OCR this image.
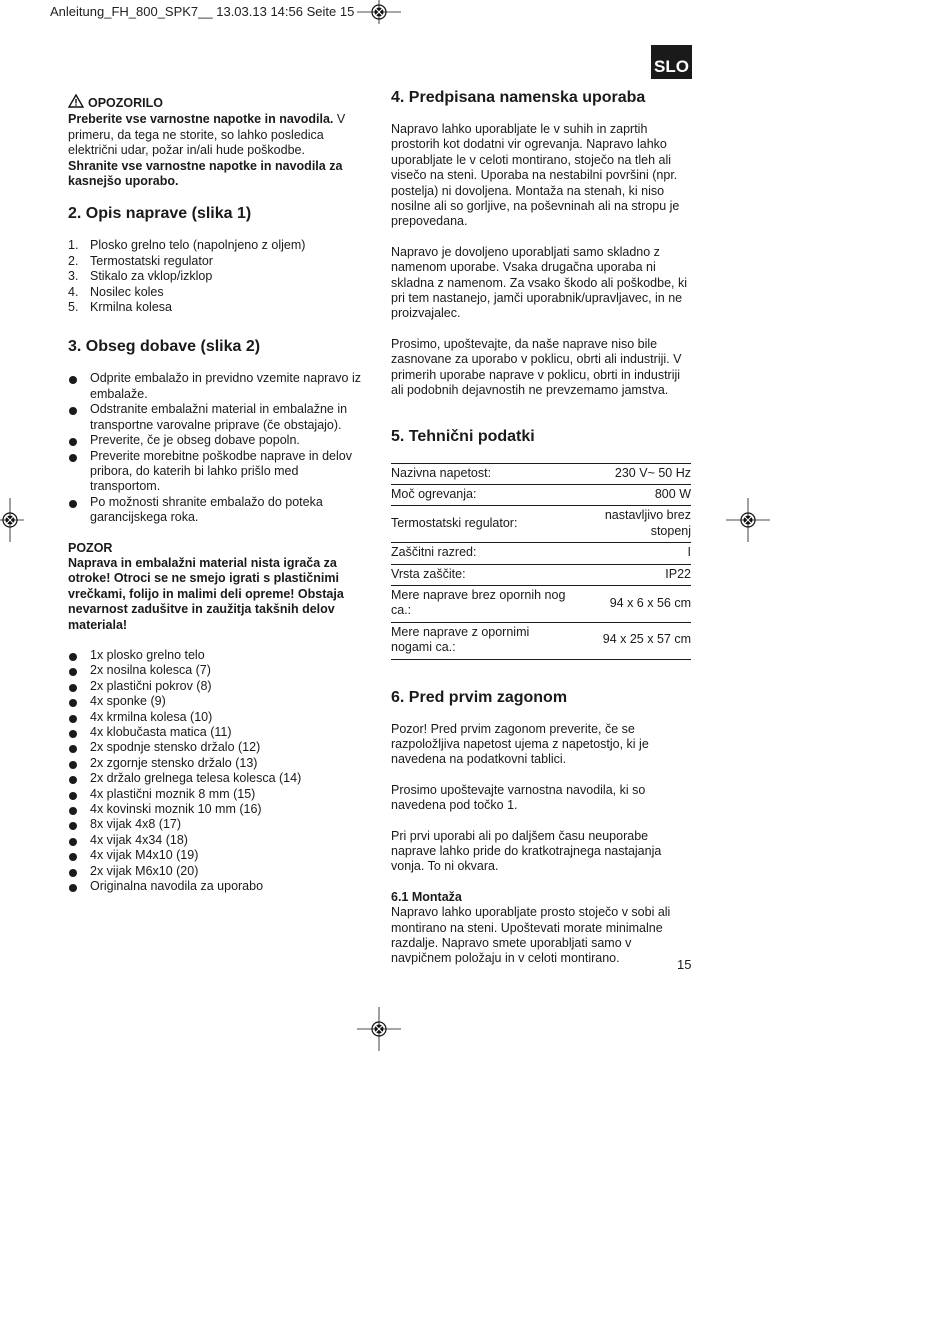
Anleitung_FH_800_SPK7__ 13.03.13 14:56 Seite 15
SLO
OPOZORILO

Preberite vse varnostne napotke in navodila. V primeru, da tega ne storite, so lahko posledica električni udar, požar in/ali hude poškodbe.

Shranite vse varnostne napotke in navodila za kasnejšo uporabo.

2. Opis naprave (slika 1)
1. Plosko grelno telo (napolnjeno z oljem)
2. Termostatski regulator
3. Stikalo za vklop/izklop
4. Nosilec koles
5. Krmilna kolesa
3. Obseg dobave (slika 2)
Odprite embalažo in previdno vzemite napravo iz embalaže.
Odstranite embalažni material in embalažne in transportne varovalne priprave (če obstajajo).
Preverite, če je obseg dobave popoln.
Preverite morebitne poškodbe naprave in delov pribora, do katerih bi lahko prišlo med transportom.
Po možnosti shranite embalažo do poteka garancijskega roka.

POZOR

Naprava in embalažni material nista igrača za otroke! Otroci se ne smejo igrati s plastičnimi vrečkami, folijo in malimi deli opreme! Obstaja nevarnost zadušitve in zaužitja takšnih delov materiala!

1x plosko grelno telo
2x nosilna kolesca (7)
2x plastični pokrov (8)
4x sponke (9)
4x krmilna kolesa (10)
4x klobučasta matica (11)
2x spodnje stensko držalo (12)
2x zgornje stensko držalo (13)
2x držalo grelnega telesa kolesca (14)
4x plastični moznik 8 mm (15)
4x kovinski moznik 10 mm (16)
8x vijak 4x8 (17)
4x vijak 4x34 (18)
4x vijak M4x10 (19)
2x vijak M6x10 (20)
Originalna navodila za uporabo
4. Predpisana namenska uporaba

Napravo lahko uporabljate le v suhih in zaprtih prostorih kot dodatni vir ogrevanja. Napravo lahko uporabljate le v celoti montirano, stoječo na tleh ali visečo na steni. Uporaba na nestabilni površini (npr. postelja) ni dovoljena. Montaža na stenah, ki niso nosilne ali so gorljive, na poševninah ali na stropu je prepovedana.

Napravo je dovoljeno uporabljati samo skladno z namenom uporabe. Vsaka drugačna uporaba ni skladna z namenom. Za vsako škodo ali poškodbe, ki pri tem nastanejo, jamči uporabnik/upravljavec, in ne proizvajalec.

Prosimo, upoštevajte, da naše naprave niso bile zasnovane za uporabo v poklicu, obrti ali industriji. V primerih uporabe naprave v poklicu, obrti in industriji ali podobnih dejavnostih ne prevzemamo jamstva.

5. Tehnični podatki
Nazivna napetost:	230 V~ 50 Hz
Moč ogrevanja:	800 W
Termostatski regulator:	nastavljivo brez stopenj
Zaščitni razred:	I
Vrsta zaščite:	IP22
Mere naprave brez opornih nog ca.:	94 x 6 x 56 cm
Mere naprave z opornimi nogami ca.:	94 x 25 x 57 cm
6. Pred prvim zagonom

Pozor! Pred prvim zagonom preverite, če se razpoložljiva napetost ujema z napetostjo, ki je navedena na podatkovni tablici.

Prosimo upoštevajte varnostna navodila, ki so navedena pod točko 1.

Pri prvi uporabi ali po daljšem času neuporabe naprave lahko pride do kratkotrajnega nastajanja vonja. To ni okvara.

6.1 Montaža

Napravo lahko uporabljate prosto stoječo v sobi ali montirano na steni. Upoštevati morate minimalne razdalje. Napravo smete uporabljati samo v navpičnem položaju in v celoti montirano.	15
